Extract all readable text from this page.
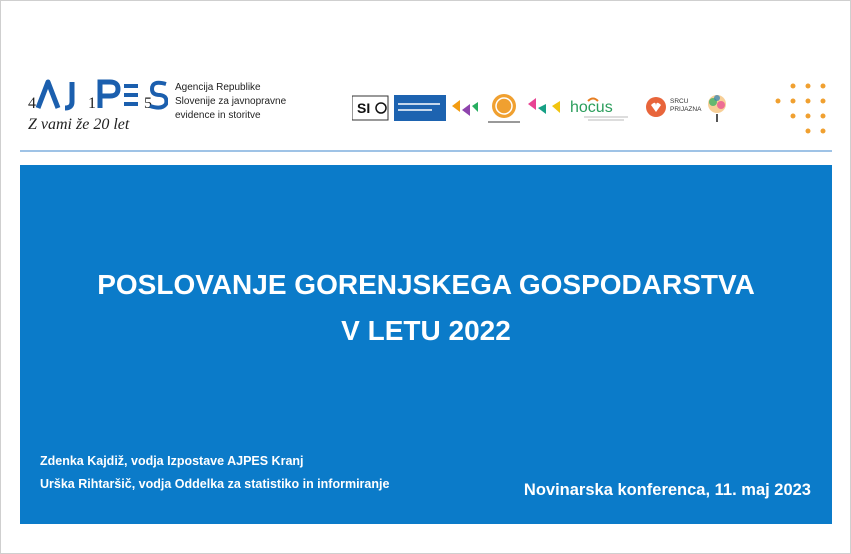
4	1	5
Z vami že 20 let
Agencija Republike
Slovenije za javnopravne
evidence in storitve	SI	hocus	SRCU
PRIJAZNA
POSLOVANJE GORENJSKEGA GOSPODARSTVA
V LETU 2022
Zdenka Kajdiž, vodja Izpostave AJPES Kranj
Urška Rihtaršič, vodja Oddelka za statistiko in informiranje	Novinarska konferenca, 11. maj 2023
